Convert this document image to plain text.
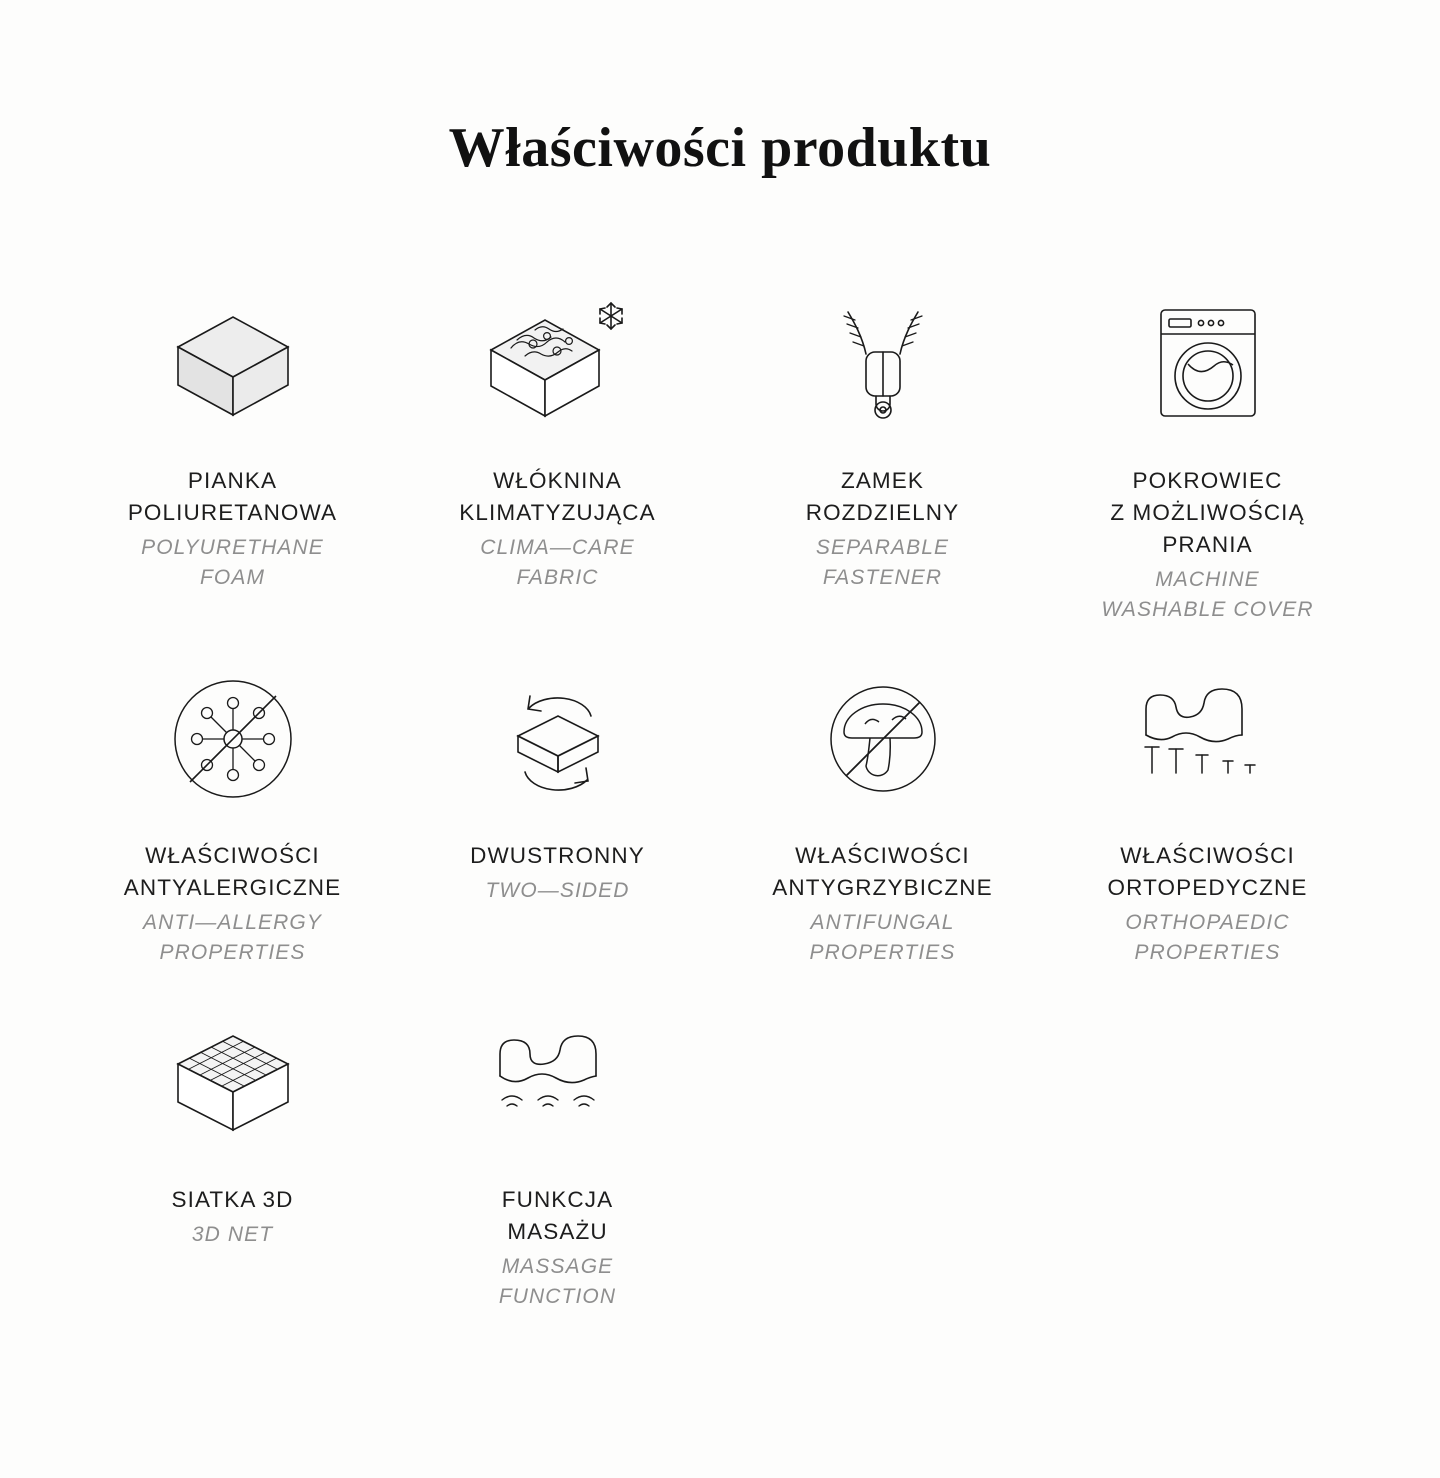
Właściwości produktu
PIANKA
POLIURETANOWA
POLYURETHANE
FOAM
WŁÓKNINA
KLIMATYZUJĄCA
CLIMA—CARE
FABRIC
ZAMEK
ROZDZIELNY
SEPARABLE
FASTENER
POKROWIEC
Z MOŻLIWOŚCIĄ
PRANIA
MACHINE
WASHABLE COVER
WŁAŚCIWOŚCI
ANTYALERGICZNE
ANTI—ALLERGY
PROPERTIES
DWUSTRONNY
TWO—SIDED
WŁAŚCIWOŚCI
ANTYGRZYBICZNE
ANTIFUNGAL
PROPERTIES
WŁAŚCIWOŚCI
ORTOPEDYCZNE
ORTHOPAEDIC
PROPERTIES
SIATKA 3D
3D NET
FUNKCJA
MASAŻU
MASSAGE
FUNCTION
